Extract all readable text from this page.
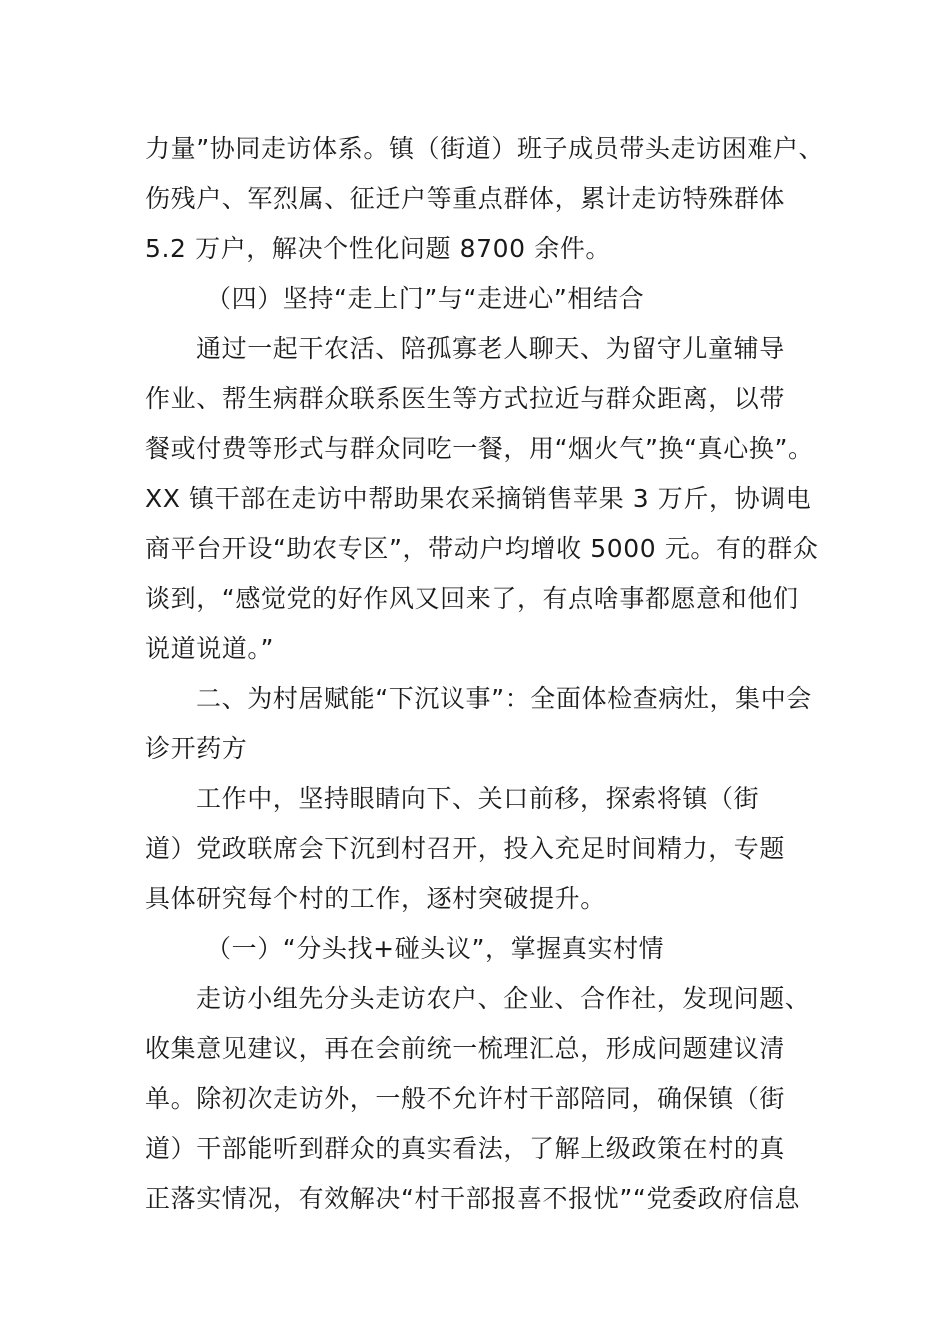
力量”协同走访体系。镇（街道）班子成员带头走访困难户、
伤残户、军烈属、征迁户等重点群体，累计走访特殊群体
5.2 万户，解决个性化问题 8700 余件。
（四）坚持“走上门”与“走进心”相结合
通过一起干农活、陪孤寡老人聊天、为留守儿童辅导
作业、帮生病群众联系医生等方式拉近与群众距离，以带
餐或付费等形式与群众同吃一餐，用“烟火气”换“真心换”。
XX 镇干部在走访中帮助果农采摘销售苹果 3 万斤，协调电
商平台开设“助农专区”，带动户均增收 5000 元。有的群众
谈到，“感觉党的好作风又回来了，有点啥事都愿意和他们
说道说道。”
二、为村居赋能“下沉议事”：全面体检查病灶，集中会
诊开药方
工作中，坚持眼睛向下、关口前移，探索将镇（街
道）党政联席会下沉到村召开，投入充足时间精力，专题
具体研究每个村的工作，逐村突破提升。
（一）“分头找+碰头议”，掌握真实村情
走访小组先分头走访农户、企业、合作社，发现问题、
收集意见建议，再在会前统一梳理汇总，形成问题建议清
单。除初次走访外，一般不允许村干部陪同，确保镇（街
道）干部能听到群众的真实看法，了解上级政策在村的真
正落实情况，有效解决“村干部报喜不报忧”“党委政府信息
